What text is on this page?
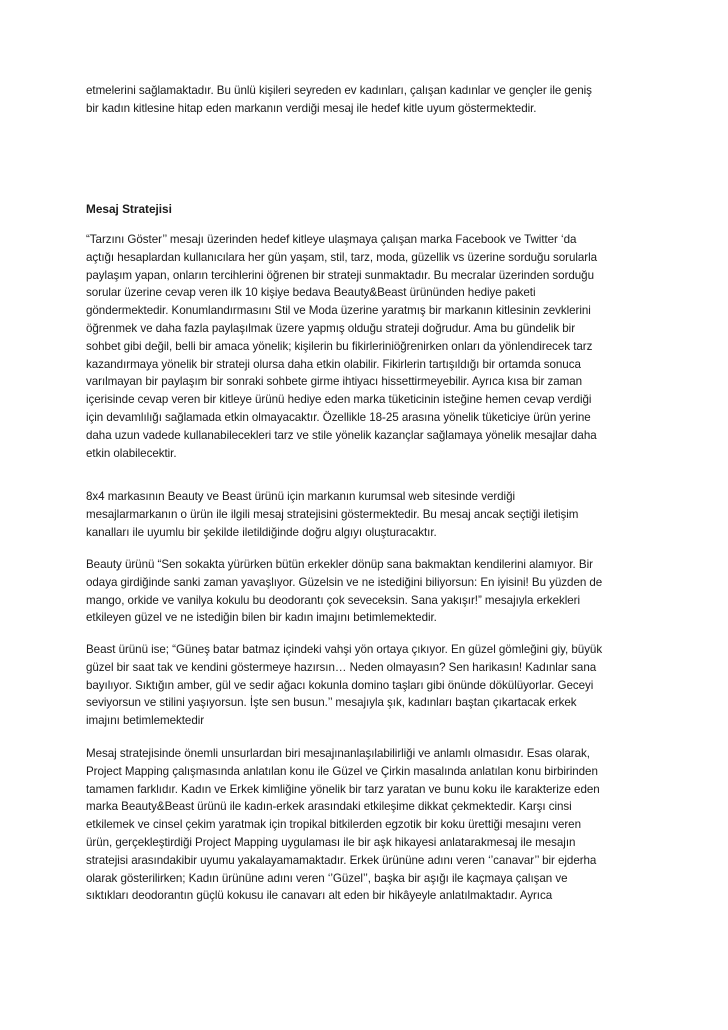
etmelerini sağlamaktadır. Bu ünlü kişileri seyreden ev kadınları, çalışan kadınlar ve gençler ile geniş
bir kadın kitlesine hitap eden markanın verdiği mesaj ile hedef kitle uyum göstermektedir.
Mesaj Stratejisi
“Tarzını Göster’’ mesajı üzerinden hedef kitleye ulaşmaya çalışan marka Facebook ve Twitter ‘da
açtığı hesaplardan kullanıcılara her gün yaşam, stil, tarz, moda, güzellik vs üzerine sorduğu sorularla
paylaşım yapan, onların tercihlerini öğrenen bir strateji sunmaktadır. Bu mecralar üzerinden sorduğu
sorular üzerine cevap veren ilk 10 kişiye bedava Beauty&Beast ürününden hediye paketi
göndermektedir. Konumlandırmasını Stil ve Moda üzerine yaratmış bir markanın kitlesinin zevklerini
öğrenmek ve daha fazla paylaşılmak üzere yapmış olduğu strateji doğrudur. Ama bu gündelik bir
sohbet gibi değil, belli bir amaca yönelik; kişilerin bu fikirleriniöğrenirken onları da yönlendirecek tarz
kazandırmaya yönelik bir strateji olursa daha etkin olabilir. Fikirlerin tartışıldığı bir ortamda sonuca
varılmayan bir paylaşım bir sonraki sohbete girme ihtiyacı hissettirmeyebilir. Ayrıca kısa bir zaman
içerisinde cevap veren bir kitleye ürünü hediye eden marka tüketicinin isteğine hemen cevap verdiği
için devamlılığı sağlamada etkin olmayacaktır. Özellikle 18-25 arasına yönelik tüketiciye ürün yerine
daha uzun vadede kullanabilecekleri tarz ve stile yönelik kazançlar sağlamaya yönelik mesajlar daha
etkin olabilecektir.
8x4 markasının Beauty ve Beast ürünü için markanın kurumsal web sitesinde verdiği
mesajlarmarkanın o ürün ile ilgili mesaj stratejisini göstermektedir. Bu mesaj ancak seçtiği iletişim
kanalları ile uyumlu bir şekilde iletildiğinde doğru algıyı oluşturacaktır.
Beauty ürünü “Sen sokakta yürürken bütün erkekler dönüp sana bakmaktan kendilerini alamıyor. Bir
odaya girdiğinde sanki zaman yavaşlıyor. Güzelsin ve ne istediğini biliyorsun: En iyisini! Bu yüzden de
mango, orkide ve vanilya kokulu bu deodorantı çok seveceksin. Sana yakışır!” mesajıyla erkekleri
etkileyen güzel ve ne istediğin bilen bir kadın imajını betimlemektedir.
Beast ürünü ise; “Güneş batar batmaz içindeki vahşi yön ortaya çıkıyor. En güzel gömleğini giy, büyük
güzel bir saat tak ve kendini göstermeye hazırsın… Neden olmayasın? Sen harikasın! Kadınlar sana
bayılıyor. Sıktığın amber, gül ve sedir ağacı kokunla domino taşları gibi önünde dökülüyorlar. Geceyi
seviyorsun ve stilini yaşıyorsun. İşte sen busun.’’ mesajıyla şık, kadınları baştan çıkartacak erkek
imajını betimlemektedir
Mesaj stratejisinde önemli unsurlardan biri mesajınanlaşılabilirliği ve anlamlı olmasıdır. Esas olarak,
Project Mapping çalışmasında anlatılan konu ile Güzel ve Çirkin masalında anlatılan konu birbirinden
tamamen farklıdır. Kadın ve Erkek kimliğine yönelik bir tarz yaratan ve bunu koku ile karakterize eden
marka Beauty&Beast ürünü ile kadın-erkek arasındaki etkileşime dikkat çekmektedir. Karşı cinsi
etkilemek ve cinsel çekim yaratmak için tropikal bitkilerden egzotik bir koku ürettiği mesajını veren
ürün, gerçekleştirdiği Project Mapping uygulaması ile bir aşk hikayesi anlatarakmesaj ile mesajın
stratejisi arasındakibir uyumu yakalayamamaktadır. Erkek ürününe adını veren ‘’canavar’’ bir ejderha
olarak gösterilirken; Kadın ürününe adını veren ‘’Güzel’’, başka bir aşığı ile kaçmaya çalışan ve
sıktıkları deodorantın güçlü kokusu ile canavarı alt eden bir hikâyeyle anlatılmaktadır. Ayrıca
